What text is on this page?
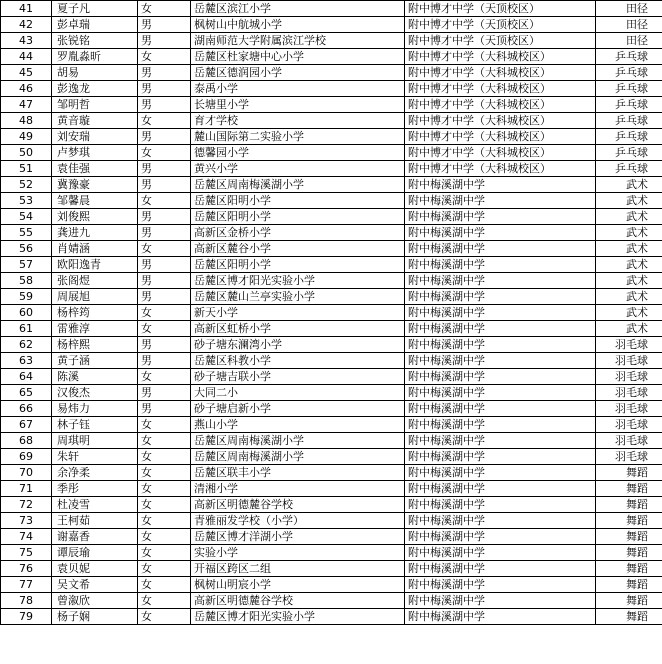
41	夏子凡	女	岳麓区滨江小学	附中博才中学（天顶校区）	田径
42	彭卓瑞	男	枫树山中航城小学	附中博才中学（天顶校区）	田径
43	张锐铭	男	湖南师范大学附属滨江学校	附中博才中学（天顶校区）	田径
44	罗胤淼昕	女	岳麓区杜家塘中心小学	附中博才中学（大科城校区）	乒乓球
45	胡易	男	岳麓区德润园小学	附中博才中学（大科城校区）	乒乓球
46	彭逸龙	男	泰禹小学	附中博才中学（大科城校区）	乒乓球
47	邹明哲	男	长塘里小学	附中博才中学（大科城校区）	乒乓球
48	黄音璇	女	育才学校	附中博才中学（大科城校区）	乒乓球
49	刘安瑞	男	麓山国际第二实验小学	附中博才中学（大科城校区）	乒乓球
50	卢梦琪	女	德馨园小学	附中博才中学（大科城校区）	乒乓球
51	袁佳强	男	黄兴小学	附中博才中学（大科城校区）	乒乓球
52	冀豫豪	男	岳麓区周南梅溪湖小学	附中梅溪湖中学	武术
53	邹馨晨	女	岳麓区阳明小学	附中梅溪湖中学	武术
54	刘俊熙	男	岳麓区阳明小学	附中梅溪湖中学	武术
55	龚进九	男	高新区金桥小学	附中梅溪湖中学	武术
56	肖婧涵	女	高新区麓谷小学	附中梅溪湖中学	武术
57	欧阳逸青	男	岳麓区阳明小学	附中梅溪湖中学	武术
58	张阁煜	男	岳麓区博才阳光实验小学	附中梅溪湖中学	武术
59	周展旭	男	岳麓区麓山兰亭实验小学	附中梅溪湖中学	武术
60	杨梓筠	女	新天小学	附中梅溪湖中学	武术
61	雷雅淳	女	高新区虹桥小学	附中梅溪湖中学	武术
62	杨梓熙	男	砂子塘东澜湾小学	附中梅溪湖中学	羽毛球
63	黄子涵	男	岳麓区科教小学	附中梅溪湖中学	羽毛球
64	陈溪	女	砂子塘吉联小学	附中梅溪湖中学	羽毛球
65	汉俊杰	男	大同二小	附中梅溪湖中学	羽毛球
66	易炜力	男	砂子塘启新小学	附中梅溪湖中学	羽毛球
67	林子钰	女	燕山小学	附中梅溪湖中学	羽毛球
68	周琪明	女	岳麓区周南梅溪湖小学	附中梅溪湖中学	羽毛球
69	朱轩	女	岳麓区周南梅溪湖小学	附中梅溪湖中学	羽毛球
70	余净柔	女	岳麓区联丰小学	附中梅溪湖中学	舞蹈
71	季彤	女	清湘小学	附中梅溪湖中学	舞蹈
72	杜凌雪	女	高新区明德麓谷学校	附中梅溪湖中学	舞蹈
73	王柯茹	女	青雅丽发学校（小学）	附中梅溪湖中学	舞蹈
74	谢嘉香	女	岳麓区博才洋湖小学	附中梅溪湖中学	舞蹈
75	谭辰瑜	女	实验小学	附中梅溪湖中学	舞蹈
76	袁贝妮	女	开福区跨区二组	附中梅溪湖中学	舞蹈
77	吴文希	女	枫树山明宸小学	附中梅溪湖中学	舞蹈
78	曾溆欣	女	高新区明德麓谷学校	附中梅溪湖中学	舞蹈
79	杨子娴	女	岳麓区博才阳光实验小学	附中梅溪湖中学	舞蹈
